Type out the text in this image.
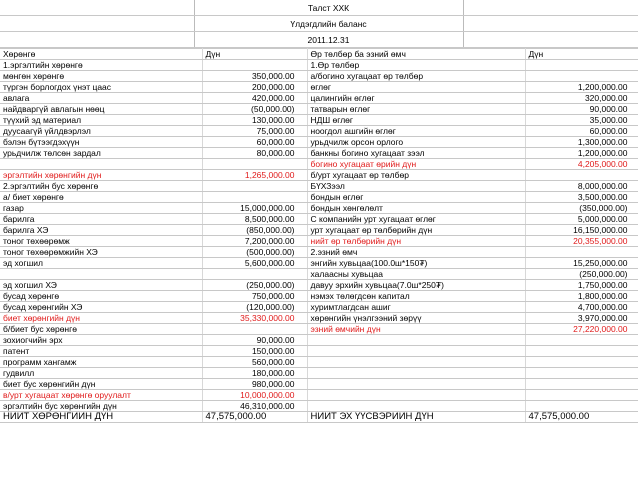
Талст ХХК
Үлдэгдлийн баланс
2011.12.31
Хөрөнгө	Дүн	Өр төлбөр ба эзний өмч	Дүн
1.эргэлтийн хөрөнгө		1.Өр төлбөр	
мөнгөн хөрөнгө	350,000.00	а/богино хугацаат өр төлбөр	
түргэн борлогдох үнэт цаас	200,000.00	өглөг	1,200,000.00
авлага	420,000.00	цалингийн өглөг	320,000.00
найдваргүй авлагын нөөц	(50,000.00)	татварын өглөг	90,000.00
түүхий эд материал	130,000.00	НДШ өглөг	35,000.00
дуусаагүй үйлдвэрлэл	75,000.00	ноогдол ашгийн өглөг	60,000.00
бэлэн бүтээгдэхүүн	60,000.00	урьдчилж орсон орлого	1,300,000.00
урьдчилж төлсөн зардал	80,000.00	банкны богино хугацаат зээл	1,200,000.00
		богино хугацаат өрийн дүн	4,205,000.00
эргэлтийн хөрөнгийн дүн	1,265,000.00	б/урт хугацаат өр төлбөр	
2.эргэлтийн бус хөрөнгө		БҮХЗээл	8,000,000.00
а/ биет хөрөнгө		бондын өглөг	3,500,000.00
газар	15,000,000.00	бондын хөнгөлөлт	(350,000.00)
барилга	8,500,000.00	С компанийн урт хугацаат өглөг	5,000,000.00
барилга ХЭ	(850,000.00)	урт хугацаат өр төлбөрийн дүн	16,150,000.00
тоног төхөөрөмж	7,200,000.00	нийт өр төлбөрийн дүн	20,355,000.00
тоног төхөөрөмжийн ХЭ	(500,000.00)	2.эзний өмч	
эд хогшил	5,600,000.00	энгийн хувьцаа(100.0ш*150₮)	15,250,000.00
		халаасны хувьцаа	(250,000.00)
эд хогшил ХЭ	(250,000.00)	давуу эрхийн хувьцаа(7.0ш*250₮)	1,750,000.00
бусад хөрөнгө	750,000.00	нэмэх төлөгдсөн капитал	1,800,000.00
бусад хөрөнгийн ХЭ	(120,000.00)	хуримтлагдсан ашиг	4,700,000.00
биет хөрөнгийн дүн	35,330,000.00	хөрөнгийн үнэлгээний зөрүү	3,970,000.00
б/биет бус хөрөнгө		эзний өмчийн дүн	27,220,000.00
зохиогчийн эрх	90,000.00		
патент	150,000.00		
программ хангамж	560,000.00		
гудвилл	180,000.00		
биет бус хөрөнгийн дүн	980,000.00		
в/урт хугацаат хөрөнгө оруулалт	10,000,000.00		
эргэлтийн бус хөрөнгийн дүн	46,310,000.00		
НИЙТ ХӨРӨНГИЙН ДҮН	47,575,000.00	НИЙТ ЭХ ҮҮСВЭРИЙН ДҮН	47,575,000.00
